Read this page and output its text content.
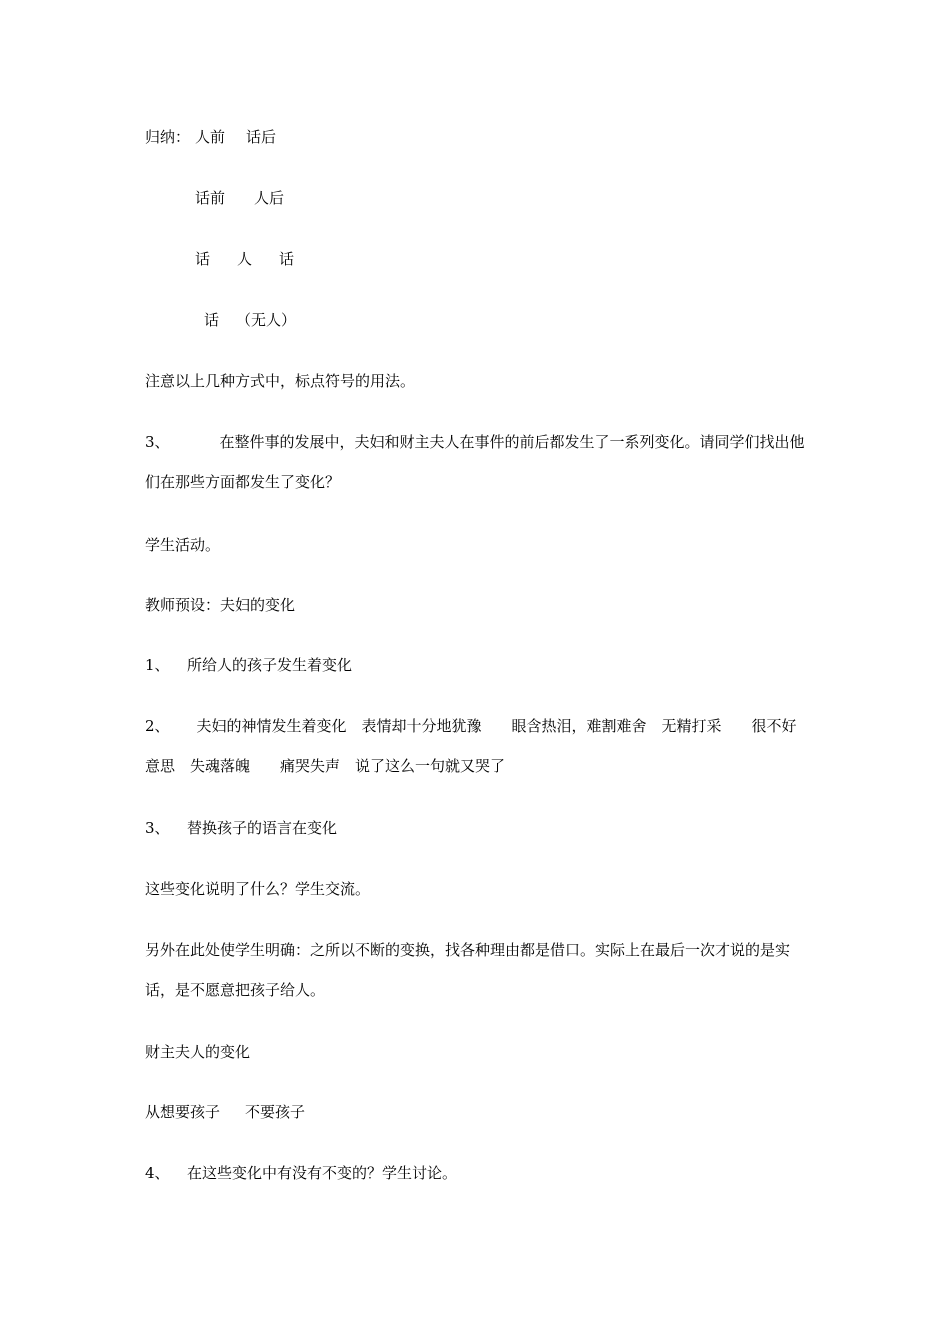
归纳：

人前

话后

话前

人后

话

人

话

话

（无人）

注意以上几种方式中，标点符号的用法。
3、	在整件事的发展中，夫妇和财主夫人在事件的前后都发生了一系列变化。请同学们找出他们在那些方面都发生了变化？
学生活动。
教师预设：夫妇的变化

1、

所给人的孩子发生着变化

2、 夫妇的神情发生着变化　表情却十分地犹豫　　眼含热泪，难割难舍　无精打采　　很不好意思　失魂落魄　　痛哭失声　说了这么一句就又哭了

3、

替换孩子的语言在变化

这些变化说明了什么？学生交流。
另外在此处使学生明确：之所以不断的变换，找各种理由都是借口。实际上在最后一次才说的是实话，是不愿意把孩子给人。
财主夫人的变化

从想要孩子

不要孩子

4、

在这些变化中有没有不变的？学生讨论。
